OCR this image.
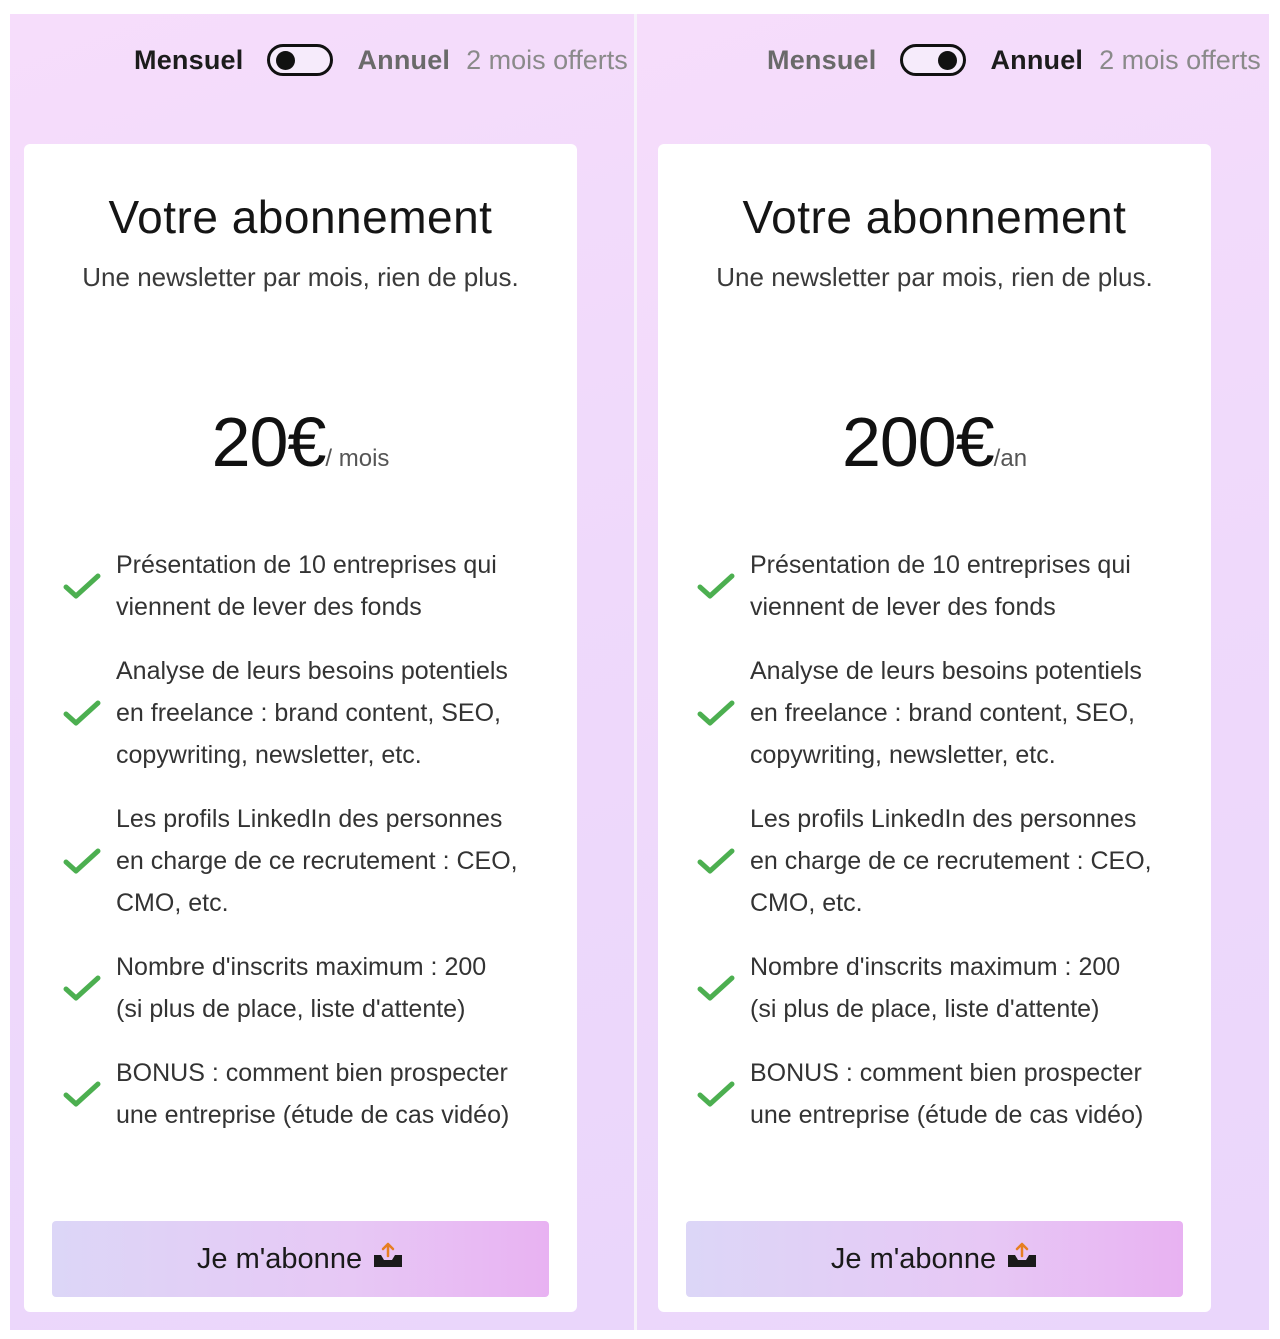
Mensuel	Annuel 2 mois offerts
Votre abonnement
Une newsletter par mois, rien de plus.
20€/ mois
Présentation de 10 entreprises qui
viennent de lever des fonds
Analyse de leurs besoins potentiels
en freelance : brand content, SEO,
copywriting, newsletter, etc.
Les profils LinkedIn des personnes
en charge de ce recrutement : CEO,
CMO, etc.
Nombre d'inscrits maximum : 200
(si plus de place, liste d'attente)
BONUS : comment bien prospecter
une entreprise (étude de cas vidéo)
Je m'abonne
Mensuel	Annuel 2 mois offerts
Votre abonnement
Une newsletter par mois, rien de plus.
200€/an
Présentation de 10 entreprises qui
viennent de lever des fonds
Analyse de leurs besoins potentiels
en freelance : brand content, SEO,
copywriting, newsletter, etc.
Les profils LinkedIn des personnes
en charge de ce recrutement : CEO,
CMO, etc.
Nombre d'inscrits maximum : 200
(si plus de place, liste d'attente)
BONUS : comment bien prospecter
une entreprise (étude de cas vidéo)
Je m'abonne
